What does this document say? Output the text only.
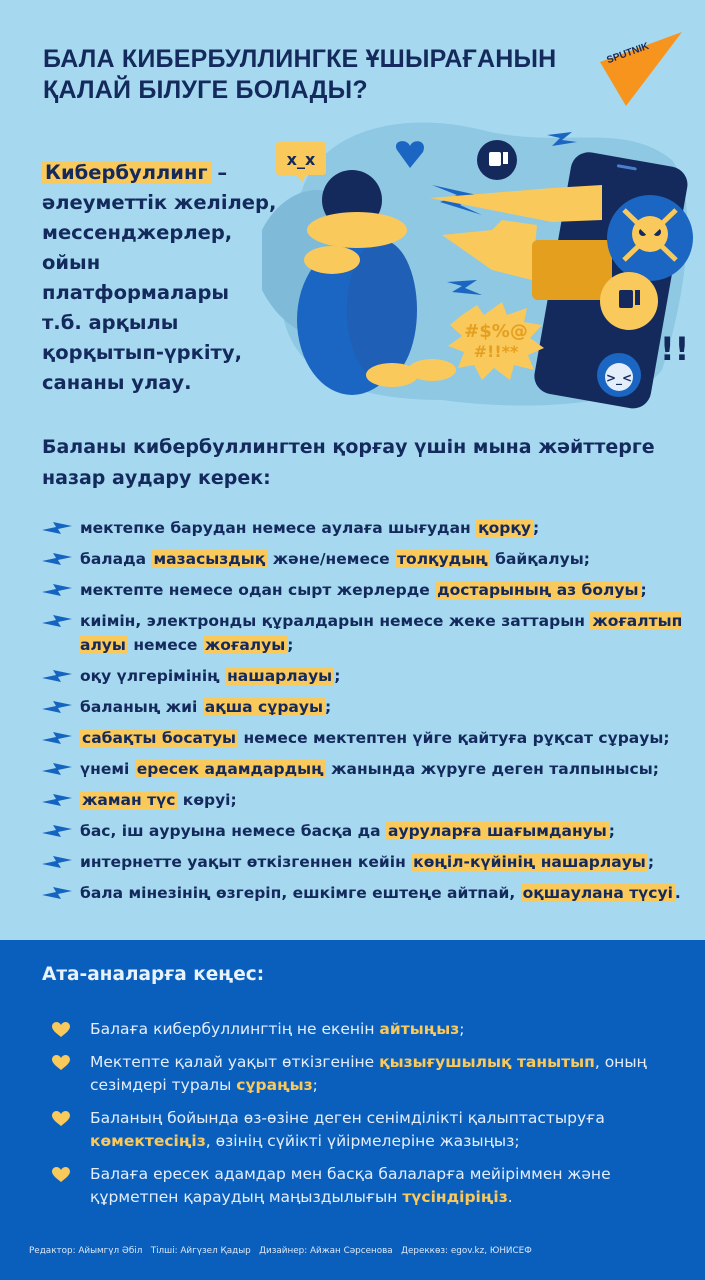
БАЛА КИБЕРБУЛЛИНГКЕ ҰШЫРАҒАНЫН
ҚАЛАЙ БІЛУГЕ БОЛАДЫ?
SPUTNIK
Кибербуллинг –
әлеуметтік желілер,
мессенджерлер,
ойын платформалары
т.б. арқылы
қорқытып-үркіту,
сананы улау.
x_x
#$%@
#!!**	!!
>_<
Баланы кибербуллингтен қорғау үшін мына жәйттерге назар аудару керек:
мектепке барудан немесе аулаға шығудан қорқу ;
балада мазасыздық және/немесе толқудың байқалуы;
мектепте немесе одан сырт жерлерде достарының аз болуы ;
киімін, электронды құралдарын немесе жеке заттарын жоғалтып алуы немесе жоғалуы ;
оқу үлгерімінің нашарлауы ;
баланың жиі ақша сұрауы ;
сабақты босатуы немесе мектептен үйге қайтуға рұқсат сұрауы;
үнемі ересек адамдардың жанында жүруге деген талпынысы;
жаман түс көруі;
бас, іш ауруына немесе басқа да ауруларға шағымдануы ;
интернетте уақыт өткізгеннен кейін көңіл-күйінің нашарлауы ;
бала мінезінің өзгеріп, ешкімге ештеңе айтпай, оқшаулана түсуі .
Ата-аналарға кеңес:
Балаға кибербуллингтің не екенін айтыңыз;
Мектепте қалай уақыт өткізгеніне қызығушылық танытып, оның сезімдері туралы сұраңыз;
Баланың бойында өз-өзіне деген сенімділікті қалыптастыруға көмектесіңіз, өзінің сүйікті үйірмелеріне жазыңыз;
Балаға ересек адамдар мен басқа балаларға мейіріммен және құрметпен қараудың маңыздылығын түсіндіріңіз.
Редактор: Айымгүл Әбіл   Тілші: Айгүзел Қадыр   Дизайнер: Айжан Сәрсенова   Дереккөз: egov.kz, ЮНИСЕФ
